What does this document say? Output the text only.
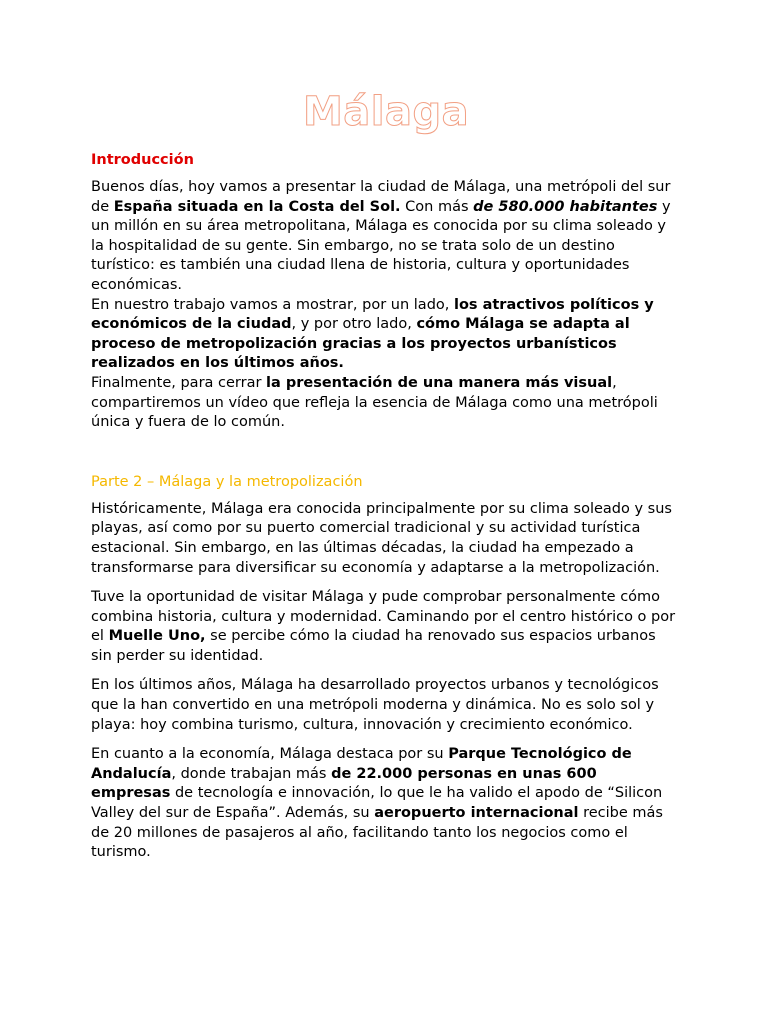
Málaga
Introducción

Buenos días, hoy vamos a presentar la ciudad de Málaga, una metrópoli del sur de España situada en la Costa del Sol. Con más de 580.000 habitantes y un millón en su área metropolitana, Málaga es conocida por su clima soleado y la hospitalidad de su gente. Sin embargo, no se trata solo de un destino turístico: es también una ciudad llena de historia, cultura y oportunidades económicas.
En nuestro trabajo vamos a mostrar, por un lado, los atractivos políticos y económicos de la ciudad, y por otro lado, cómo Málaga se adapta al proceso de metropolización gracias a los proyectos urbanísticos realizados en los últimos años.
Finalmente, para cerrar la presentación de una manera más visual, compartiremos un vídeo que refleja la esencia de Málaga como una metrópoli única y fuera de lo común.

Parte 2 – Málaga y la metropolización

Históricamente, Málaga era conocida principalmente por su clima soleado y sus playas, así como por su puerto comercial tradicional y su actividad turística estacional. Sin embargo, en las últimas décadas, la ciudad ha empezado a transformarse para diversificar su economía y adaptarse a la metropolización.

Tuve la oportunidad de visitar Málaga y pude comprobar personalmente cómo combina historia, cultura y modernidad. Caminando por el centro histórico o por el Muelle Uno, se percibe cómo la ciudad ha renovado sus espacios urbanos sin perder su identidad.

En los últimos años, Málaga ha desarrollado proyectos urbanos y tecnológicos que la han convertido en una metrópoli moderna y dinámica. No es solo sol y playa: hoy combina turismo, cultura, innovación y crecimiento económico.

En cuanto a la economía, Málaga destaca por su Parque Tecnológico de Andalucía, donde trabajan más de 22.000 personas en unas 600 empresas de tecnología e innovación, lo que le ha valido el apodo de “Silicon Valley del sur de España”. Además, su aeropuerto internacional recibe más de 20 millones de pasajeros al año, facilitando tanto los negocios como el turismo.
